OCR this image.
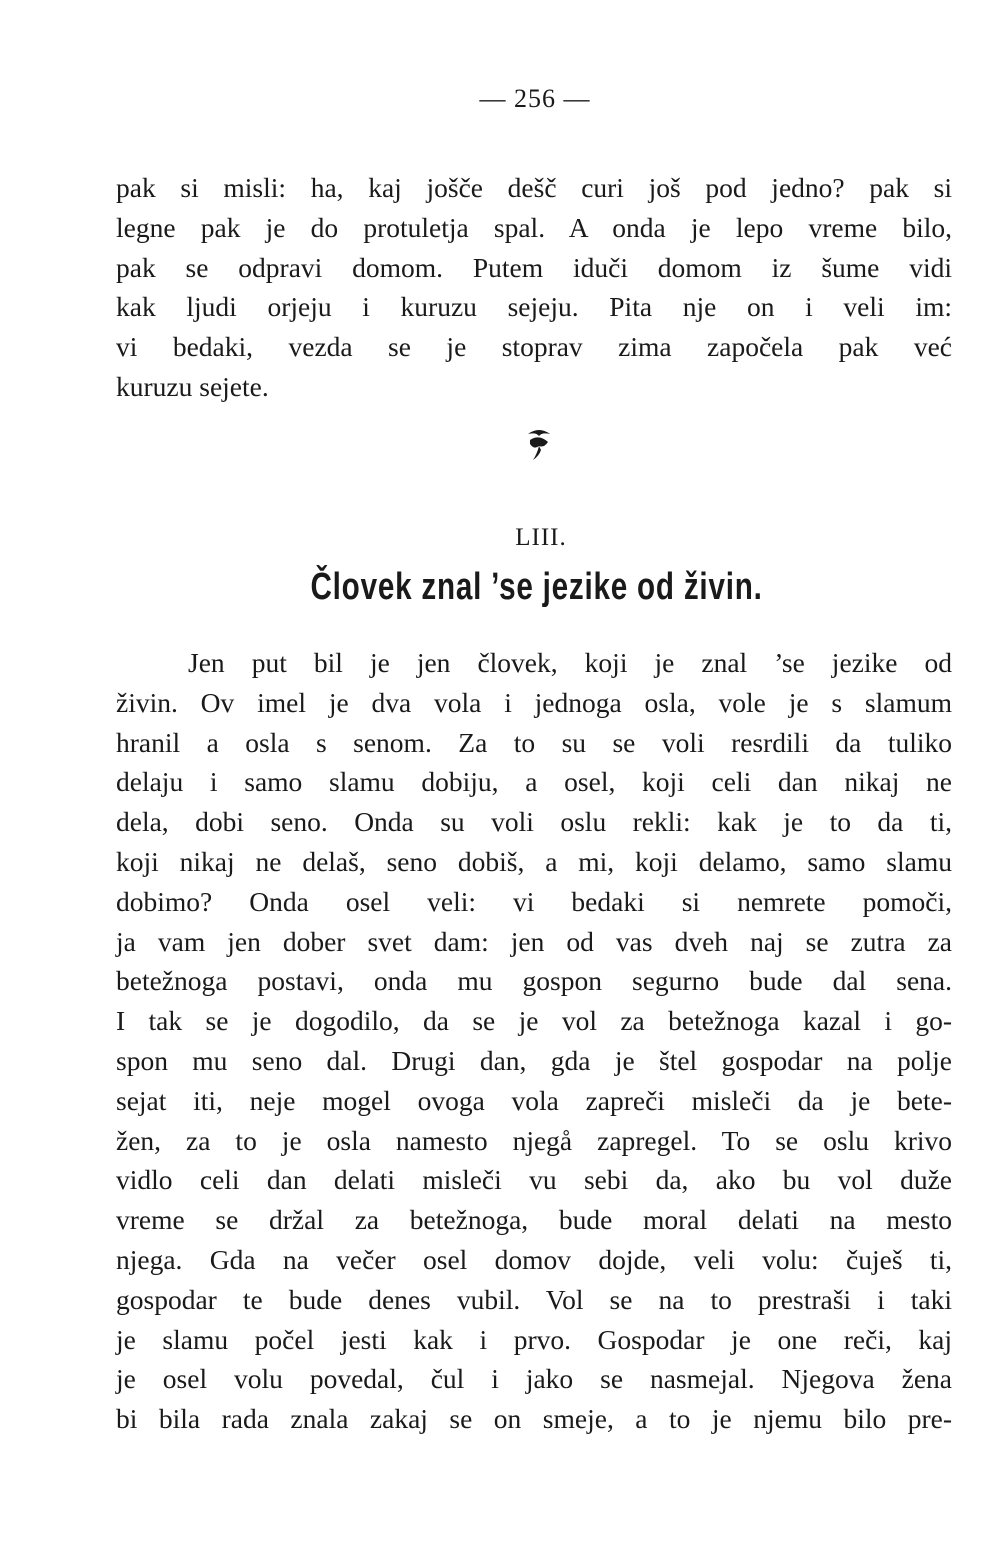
— 256 —
pak si misli: ha, kaj jošče dešč curi još pod jedno? pak si
legne pak je do protuletja spal. A onda je lepo vreme bilo,
pak se odpravi domom. Putem iduči domom iz šume vidi
kak ljudi orjeju i kuruzu sejeju. Pita nje on i veli im:
vi bedaki, vezda se je stoprav zima započela pak već
kuruzu sejete.
LIII.
Človek znal ’se jezike od živin.
Jen put bil je jen človek, koji je znal ’se jezike od
živin. Ov imel je dva vola i jednoga osla, vole je s slamum
hranil a osla s senom. Za to su se voli resrdili da tuliko
delaju i samo slamu dobiju, a osel, koji celi dan nikaj ne
dela, dobi seno. Onda su voli oslu rekli: kak je to da ti,
koji nikaj ne delaš, seno dobiš, a mi, koji delamo, samo slamu
dobimo? Onda osel veli: vi bedaki si nemrete pomoči,
ja vam jen dober svet dam: jen od vas dveh naj se zutra za
betežnoga postavi, onda mu gospon segurno bude dal sena.
I tak se je dogodilo, da se je vol za betežnoga kazal i go-
spon mu seno dal. Drugi dan, gda je štel gospodar na polje
sejat iti, neje mogel ovoga vola zapreči misleči da je bete-
žen, za to je osla namesto njegå zapregel. To se oslu krivo
vidlo celi dan delati misleči vu sebi da, ako bu vol duže
vreme se držal za betežnoga, bude moral delati na mesto
njega. Gda na večer osel domov dojde, veli volu: čuješ ti,
gospodar te bude denes vubil. Vol se na to prestraši i taki
je slamu počel jesti kak i prvo. Gospodar je one reči, kaj
je osel volu povedal, čul i jako se nasmejal. Njegova žena
bi bila rada znala zakaj se on smeje, a to je njemu bilo pre-
